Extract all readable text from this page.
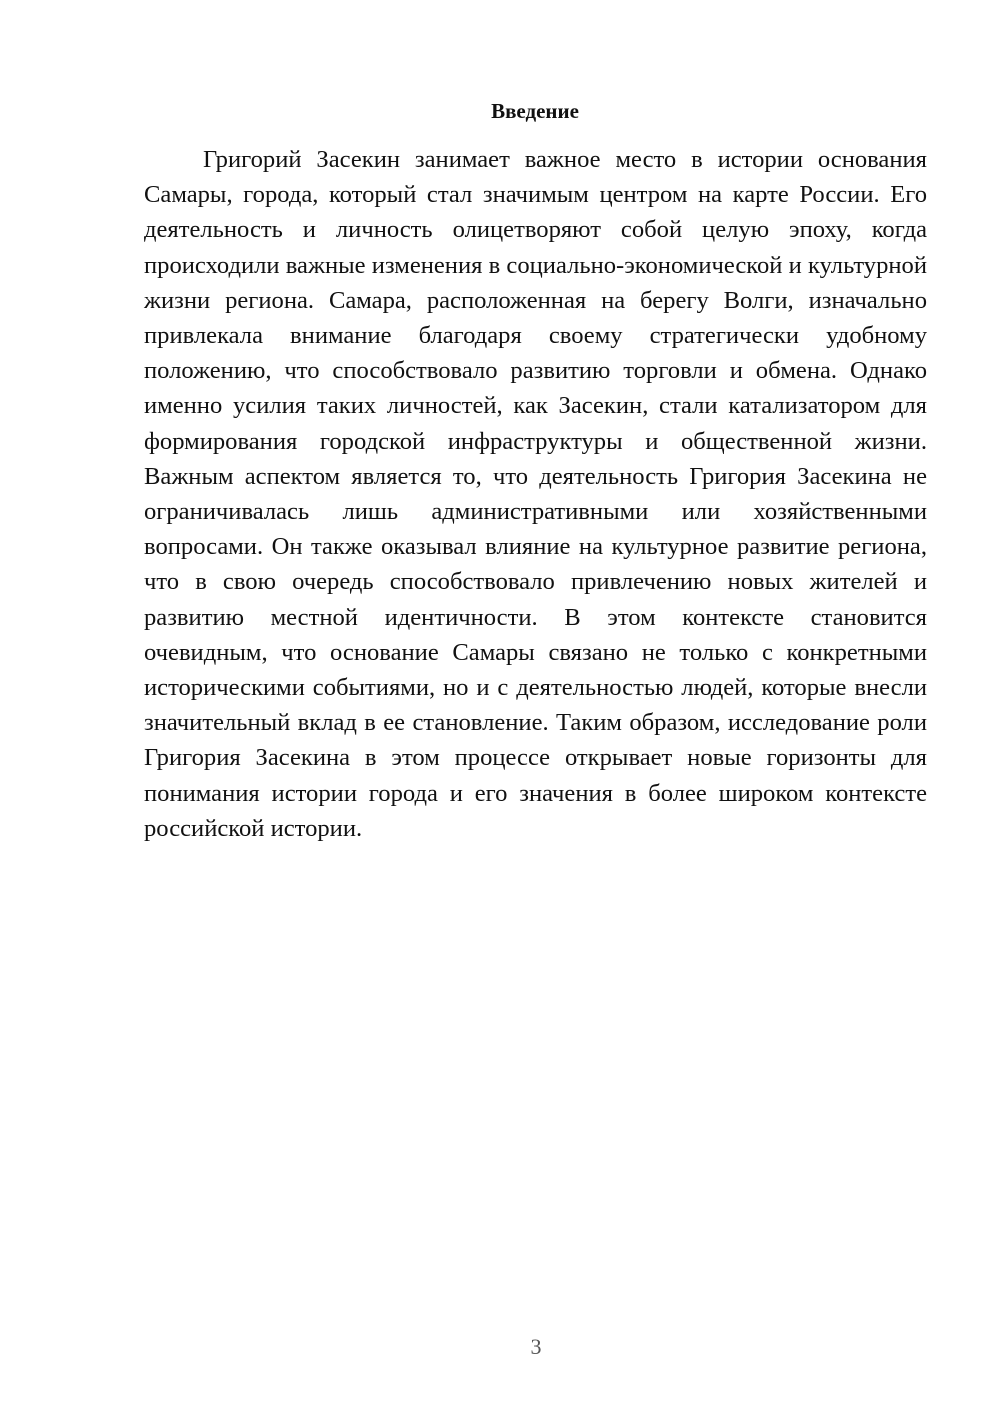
Введение

Григорий Засекин занимает важное место в истории основания Самары, города, который стал значимым центром на карте России. Его деятельность и личность олицетворяют собой целую эпоху, когда происходили важные изменения в социально-экономической и культурной жизни региона. Самара, расположенная на берегу Волги, изначально привлекала внимание благодаря своему стратегически удобному положению, что способствовало развитию торговли и обмена. Однако именно усилия таких личностей, как Засекин, стали катализатором для формирования городской инфраструктуры и общественной жизни. Важным аспектом является то, что деятельность Григория Засекина не ограничивалась лишь административными или хозяйственными вопросами. Он также оказывал влияние на культурное развитие региона, что в свою очередь способствовало привлечению новых жителей и развитию местной идентичности. В этом контексте становится очевидным, что основание Самары связано не только с конкретными историческими событиями, но и с деятельностью людей, которые внесли значительный вклад в ее становление. Таким образом, исследование роли Григория Засекина в этом процессе открывает новые горизонты для понимания истории города и его значения в более широком контексте российской истории.

3
